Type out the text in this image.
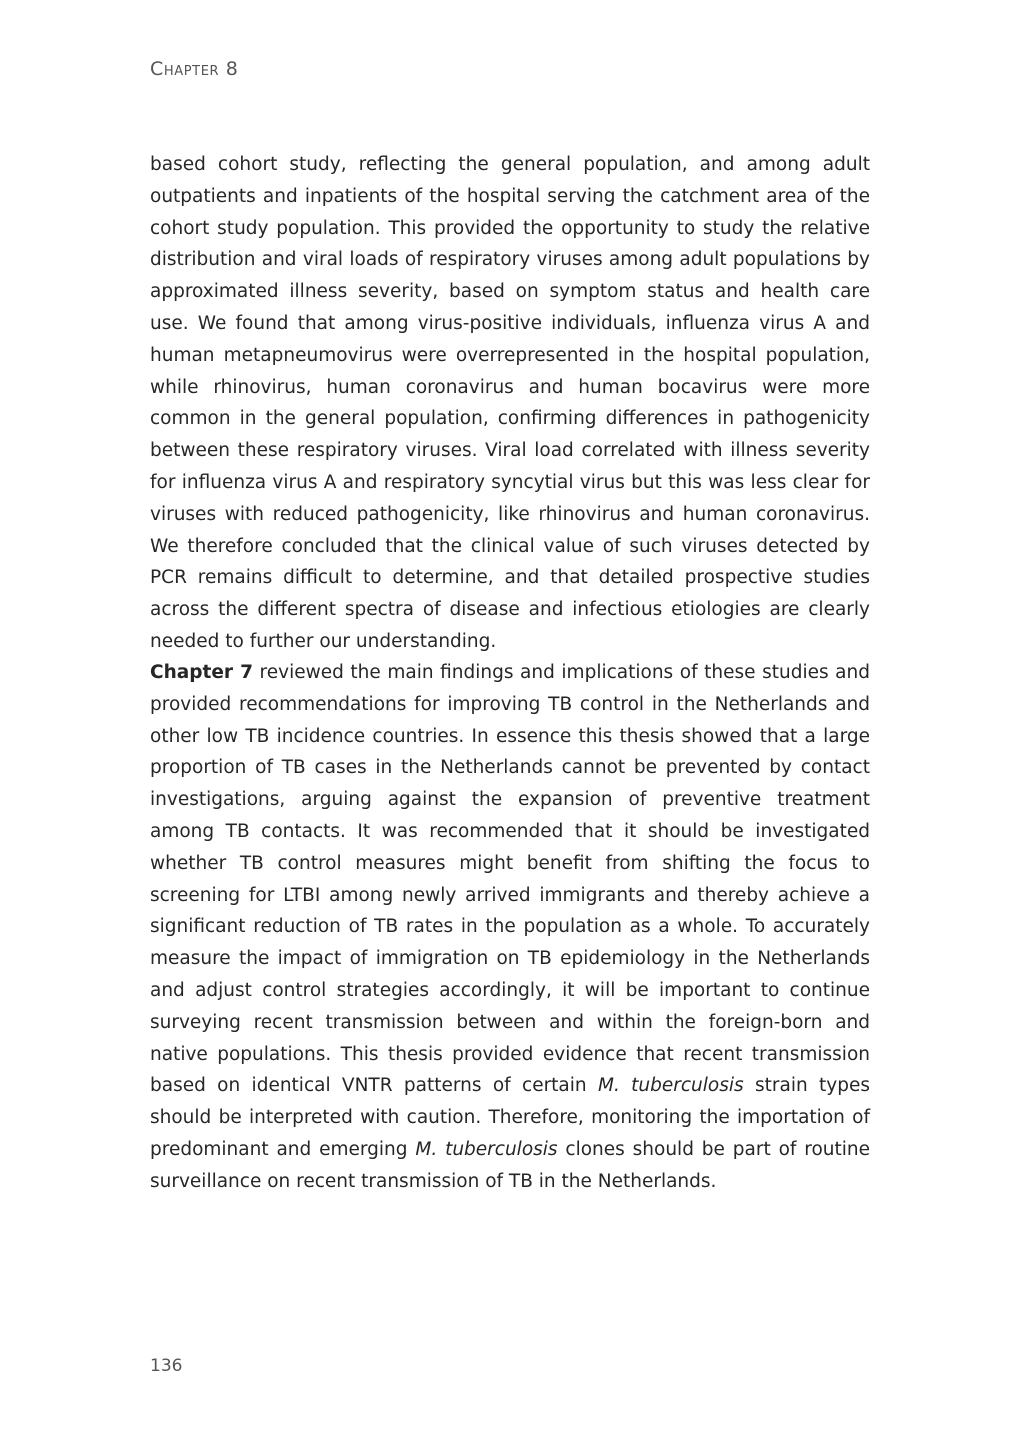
Chapter 8

based cohort study, reflecting the general population, and among adult outpatients and inpatients of the hospital serving the catchment area of the cohort study population. This provided the opportunity to study the relative distribution and viral loads of respiratory viruses among adult populations by approximated illness severity, based on symptom status and health care use. We found that among virus-positive individuals, influenza virus A and human metapneumovirus were overrepresented in the hospital population, while rhinovirus, human coronavirus and human bocavirus were more common in the general population, confirming differences in pathogenicity between these respiratory viruses. Viral load correlated with illness severity for influenza virus A and respiratory syncytial virus but this was less clear for viruses with reduced pathogenicity, like rhinovirus and human coronavirus. We therefore concluded that the clinical value of such viruses detected by PCR remains difficult to determine, and that detailed prospective studies across the different spectra of disease and infectious etiologies are clearly needed to further our understanding.

Chapter 7 reviewed the main findings and implications of these studies and provided recommendations for improving TB control in the Netherlands and other low TB incidence countries. In essence this thesis showed that a large proportion of TB cases in the Netherlands cannot be prevented by contact investigations, arguing against the expansion of preventive treatment among TB contacts. It was recommended that it should be investigated whether TB control measures might benefit from shifting the focus to screening for LTBI among newly arrived immigrants and thereby achieve a significant reduction of TB rates in the population as a whole. To accurately measure the impact of immigration on TB epidemiology in the Netherlands and adjust control strategies accordingly, it will be important to continue surveying recent transmission between and within the foreign-born and native populations. This thesis provided evidence that recent transmission based on identical VNTR patterns of certain M. tuberculosis strain types should be interpreted with caution. Therefore, monitoring the importation of predominant and emerging M. tuberculosis clones should be part of routine surveillance on recent transmission of TB in the Netherlands.

136
